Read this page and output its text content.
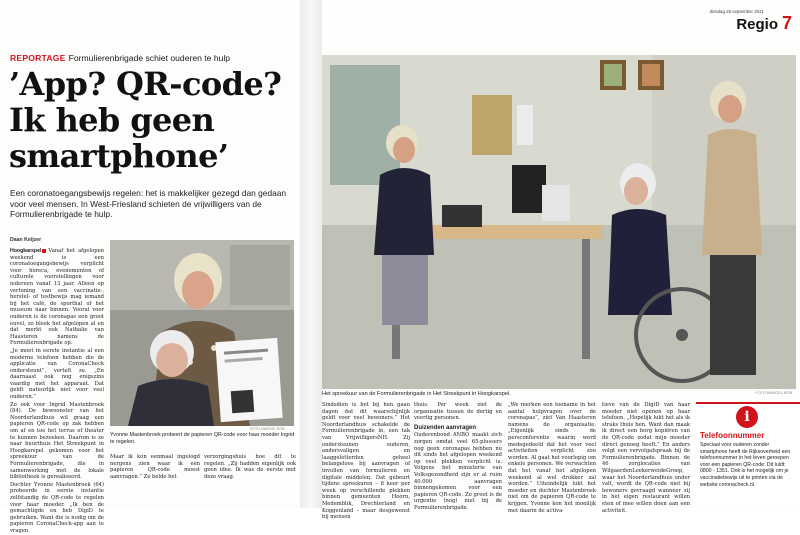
REPORTAGE Formulierenbrigade schiet ouderen te hulp
’App? QR-code?
Ik heb geen
smartphone’
Een coronatoegangsbewijs regelen: het is makkelijker gezegd dan gedaan voor veel mensen. In West-Friesland schieten de vrijwilligers van de Formulierenbrigade te hulp.
Daan Keijzer

Hoogkarspel Vanaf het afgelopen weekend is een coronatoegangsbewijs verplicht voor horeca, evenementen of culturele voorstellingen voor iedereen vanaf 13 jaar. Alleen op vertoning van een vaccinatie-, herstel- of testbewijs mag iemand bij het café, de sporthal of het museum naar binnen. Vooral voor ouderen is de coronapas een groot euvel, zo bleek het afgelopen al en dat merkt ook Nathalie van Haasteren namens de Formulierenbrigade op.

„Je moet in eerste instantie al een moderne telefoon hebben die de applicatie van CoronaCheck ondersteunt”, vertelt ze. „En daarnaast ook nog enigszins vaardig met het apparaat. Dat geldt natuurlijk niet voor veel ouderen.”

Zo ook voor Ingrid Mastenbroek (84). De bewoonster van het Noorderlandhuis wil graag een papieren QR-code op zak hebben om af en toe het terras of theater te kunnen bezoeken. Daarom is ze naar buurthuis Het Streekpunt in Hoogkarspel gekomen voor het spreekuur van de Formulierenbrigade, die in samenwerking met de lokale bibliotheek is gerealiseerd.

Dochter Yvonne Mastenbroek (64) probeerde in eerste instantie zelfstandig de QR-code te regelen voor haar moeder. „Ik ben de gemachtigde en heb DigiD te gebruiken. Want die is nodig om de papieren CoronaCheck-app aan te vragen.

FOTO MARCEL ROB
Yvonne Mastenbroek probeert de papieren QR-code voor haar moeder Ingrid te regelen.

Maar ik kon eenmaal ingelogd nergens zien waar ik een papieren QR-code moest aanvragen.” Ze belde het

verzorgingshuis hoe dit te regelen. „Zij hadden eigenlijk ook geen idee. Ik was de eerste met deze vraag.

dinsdag 28 september 2021
Regio 7
FOTO MARCEL ROB
Het spreekuur van de Formulierenbrigade in Het Streekpunt in Hoogkarspel.

Sindsdien is het bij hen gaan dagen dat dit waarschijnlijk geldt voor veel bewoners.” Het Noorderlandhuis schakelde de Formulierenbrigade in, een tak van VrijwilligersNH. Zij ondersteunen ouderen, andersvaligen en laaggeletterden geheel belangeloos bij aanvragen of invullen van formulieren en digitale middelen. Dat gebeurt tijdens spreekuren – 8 keer per week op verschillende plekken binnen gemeenten Hoorn, Medemblik, Drechterland en Koggenland – maar desgewenst bij mensen

thuis. Per week ziet de organisatie tussen de dertig en veertig personen.

Duizenden aanvragen

Ouderenbond ANBO maakt zich zorgen omdat veel 65-plussers nog geen coronapas hebben nu dit sinds het afgelopen weekend op veel plekken verplicht is. Volgens het ministerie van Volksgezondheid zijn er al ruim 40.000 aanvragen binnengekomen voor een papieren QR-code. Zo groot is de urgentie (nog) niet bij de Formulierenbrigade.

„We merken een toename in het aantal hulpvragen over de coronapas”, ziet Van Haasteren namens de organisatie. „Eigenlijk sinds de persconferentie waarin werd medegedeeld dat het voor veel activiteiten verplicht zou worden. Al gaat het voorlopig om enkele personen. We verwachten dat het vanaf het afgelopen weekend al wel drukker zal worden.” Uiteindelijk lukt het moeder en dochter Mastenbroek niet om de papieren QR-code te krijgen. Yvonne kon het moeilijk met daarin de activa-

tieve van de DigiD van haar moeder niet openen op haar telefoon. „Hopelijk lukt het als ik straks thuis ben. Want dan maak ik direct een borg kopiëren van de QR-code zodat mijn moeder direct genoeg heeft.” En anders volgt een vervolgafspraak bij de Formulierenbrigade. Binnen de 46 zorglocaties van WilgaerdenLeekerweideGroep, waar het Noorderlandhuis onder valt, wordt de QR-code niet bij bewoners gevraagd wanneer zij in het eigen restaurant willen eten of mee willen doen aan een activiteit.

i
Telefoonnummer
Speciaal voor ouderen zonder smartphone heeft de Rijksoverheid een telefoonnummer in het leven geroepen voor een papieren QR-code: Dit luidt: 0800 - 1351. Ook is het mogelijk om je vaccinatiebewijs uit te printen via de website coronacheck.nl.
